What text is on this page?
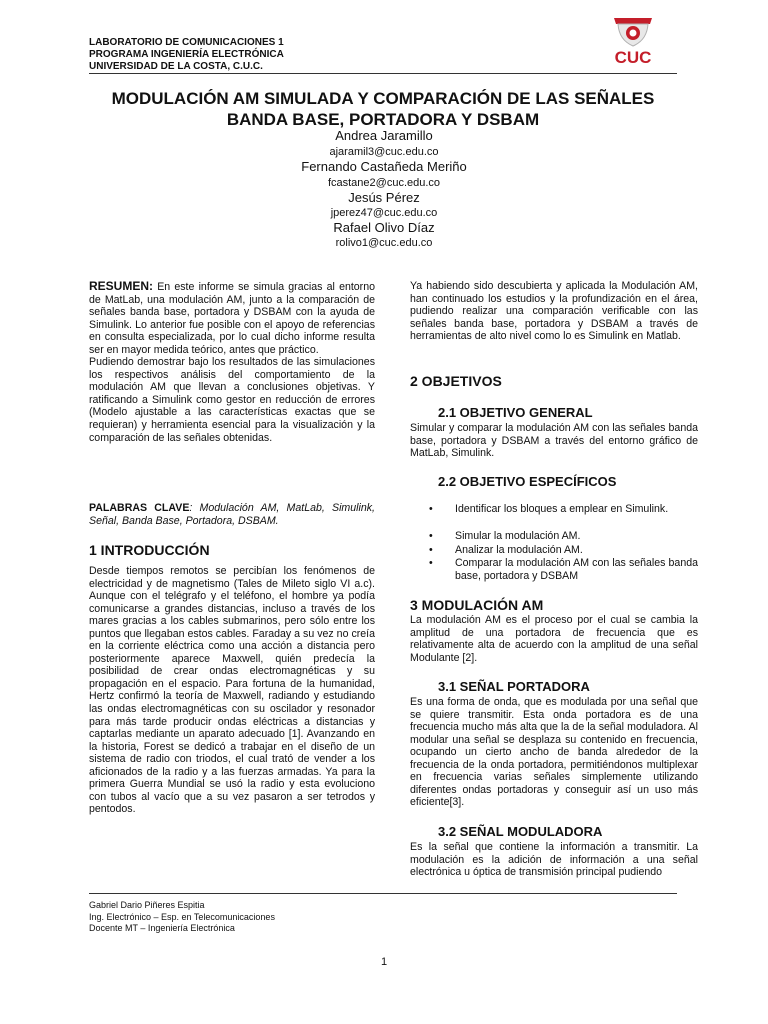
LABORATORIO DE COMUNICACIONES 1
PROGRAMA INGENIERÍA ELECTRÓNICA
UNIVERSIDAD DE LA COSTA, C.U.C.	CUC
MODULACIÓN AM SIMULADA Y COMPARACIÓN DE LAS SEÑALES
BANDA BASE, PORTADORA Y DSBAM
Andrea Jaramillo
ajaramil3@cuc.edu.co
Fernando Castañeda Meriño
fcastane2@cuc.edu.co
Jesús Pérez
jperez47@cuc.edu.co
Rafael Olivo Díaz
rolivo1@cuc.edu.co

RESUMEN: En este informe se simula gracias al entorno de MatLab, una modulación AM, junto a la comparación de señales banda base, portadora y DSBAM con la ayuda de Simulink. Lo anterior fue posible con el apoyo de referencias en consulta especializada, por lo cual dicho informe resulta ser en mayor medida teórico, antes que práctico.

Pudiendo demostrar bajo los resultados de las simulaciones los respectivos análisis del comportamiento de la modulación AM que llevan a conclusiones objetivas. Y ratificando a Simulink como gestor en reducción de errores (Modelo ajustable a las características exactas que se requieran) y herramienta esencial para la visualización y la comparación de las señales obtenidas.

PALABRAS CLAVE: Modulación AM, MatLab, Simulink, Señal, Banda Base, Portadora, DSBAM.
1 INTRODUCCIÓN
Desde tiempos remotos se percibían los fenómenos de electricidad y de magnetismo (Tales de Mileto siglo VI a.c). Aunque con el telégrafo y el teléfono, el hombre ya podía comunicarse a grandes distancias, incluso a través de los mares gracias a los cables submarinos, pero sólo entre los puntos que llegaban estos cables. Faraday a su vez no creía en la corriente eléctrica como una acción a distancia pero posteriormente aparece Maxwell, quién predecía la posibilidad de crear ondas electromagnéticas y su propagación en el espacio. Para fortuna de la humanidad, Hertz confirmó la teoría de Maxwell, radiando y estudiando las ondas electromagnéticas con su oscilador y resonador para más tarde producir ondas eléctricas a distancias y captarlas mediante un aparato adecuado [1]. Avanzando en la historia, Forest se dedicó a trabajar en el diseño de un sistema de radio con triodos, el cual trató de vender a los aficionados de la radio y a las fuerzas armadas. Ya para la primera Guerra Mundial se usó la radio y esta evoluciono con tubos al vacío que a su vez pasaron a ser tetrodos y pentodos.
Ya habiendo sido descubierta y aplicada la Modulación AM, han continuado los estudios y la profundización en el área, pudiendo realizar una comparación verificable con las señales banda base, portadora y DSBAM a través de herramientas de alto nivel como lo es Simulink en Matlab.
2 OBJETIVOS
2.1 OBJETIVO GENERAL
Simular y comparar la modulación AM con las señales banda base, portadora y DSBAM a través del entorno gráfico de MatLab, Simulink.
2.2 OBJETIVO ESPECÍFICOS
• Identificar los bloques a emplear en Simulink.
• Simular la modulación AM.
• Analizar la modulación AM.
• Comparar la modulación AM con las señales banda base, portadora y DSBAM
3 MODULACIÓN AM
La modulación AM es el proceso por el cual se cambia la amplitud de una portadora de frecuencia que es relativamente alta de acuerdo con la amplitud de una señal Modulante [2].
3.1 SEÑAL PORTADORA
Es una forma de onda, que es modulada por una señal que se quiere transmitir. Esta onda portadora es de una frecuencia mucho más alta que la de la señal moduladora. Al modular una señal se desplaza su contenido en frecuencia, ocupando un cierto ancho de banda alrededor de la frecuencia de la onda portadora, permitiéndonos multiplexar en frecuencia varias señales simplemente utilizando diferentes ondas portadoras y conseguir así un uso más eficiente[3].
3.2 SEÑAL MODULADORA
Es la señal que contiene la información a transmitir. La modulación es la adición de información a una señal electrónica u óptica de transmisión principal pudiendo
Gabriel Dario Piñeres Espitia
Ing. Electrónico – Esp. en Telecomunicaciones
Docente MT – Ingeniería Electrónica
1
